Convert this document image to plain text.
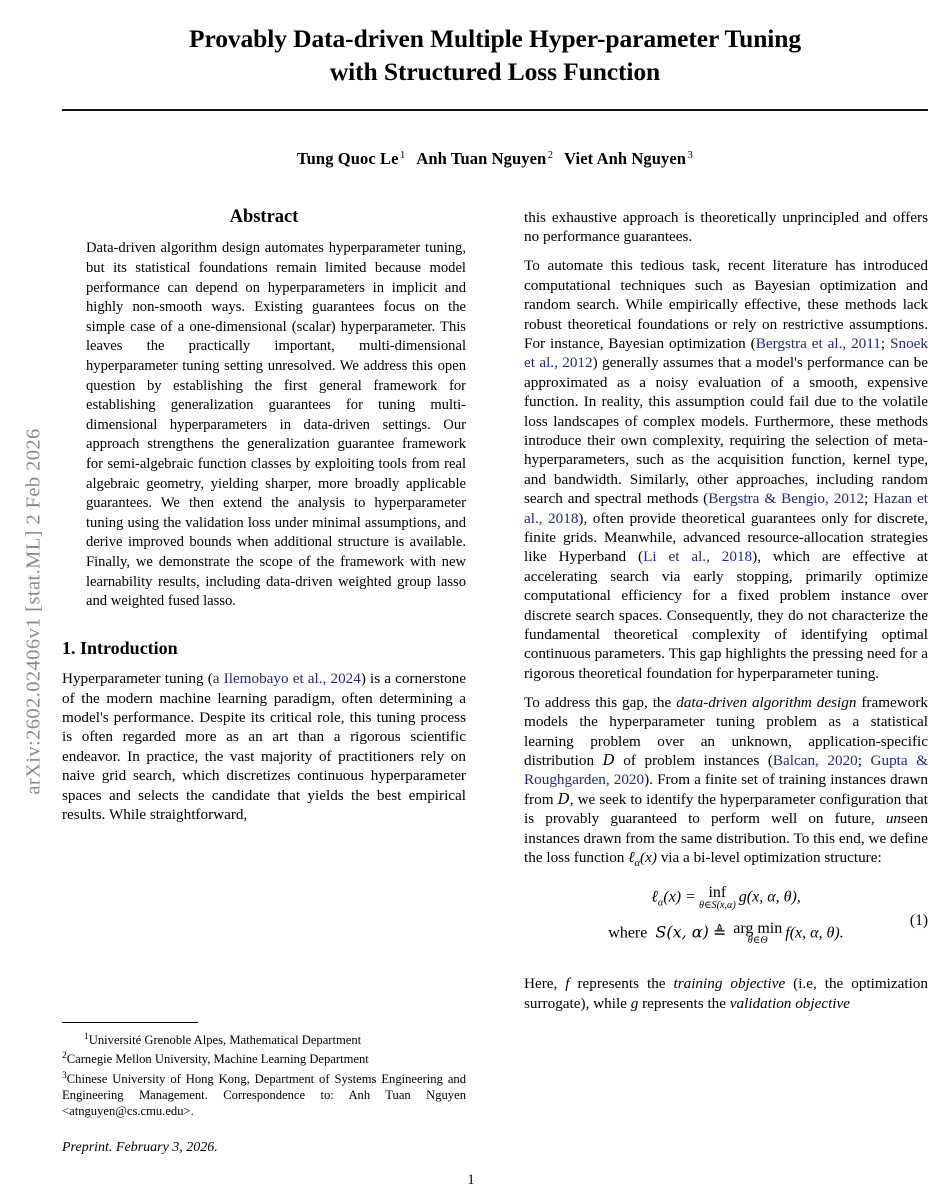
arXiv:2602.02406v1 [stat.ML] 2 Feb 2026
Provably Data-driven Multiple Hyper-parameter Tuning
with Structured Loss Function
Tung Quoc Le $^1$ Anh Tuan Nguyen $^2$ Viet Anh Nguyen $^3$
Abstract
Data-driven algorithm design automates hyperparameter tuning, but its statistical foundations remain limited because model performance can depend on hyperparameters in implicit and highly non-smooth ways. Existing guarantees focus on the simple case of a one-dimensional (scalar) hyperparameter. This leaves the practically important, multi-dimensional hyperparameter tuning setting unresolved. We address this open question by establishing the first general framework for establishing generalization guarantees for tuning multi-dimensional hyperparameters in data-driven settings. Our approach strengthens the generalization guarantee framework for semi-algebraic function classes by exploiting tools from real algebraic geometry, yielding sharper, more broadly applicable guarantees. We then extend the analysis to hyperparameter tuning using the validation loss under minimal assumptions, and derive improved bounds when additional structure is available. Finally, we demonstrate the scope of the framework with new learnability results, including data-driven weighted group lasso and weighted fused lasso.
1. Introduction

Hyperparameter tuning (a Ilemobayo et al., 2024) is a cornerstone of the modern machine learning paradigm, often determining a model's performance. Despite its critical role, this tuning process is often regarded more as an art than a rigorous scientific endeavor. In practice, the vast majority of practitioners rely on naive grid search, which discretizes continuous hyperparameter spaces and selects the candidate that yields the best empirical results. While straightforward,

this exhaustive approach is theoretically unprincipled and offers no performance guarantees.

To automate this tedious task, recent literature has introduced computational techniques such as Bayesian optimization and random search. While empirically effective, these methods lack robust theoretical foundations or rely on restrictive assumptions. For instance, Bayesian optimization (Bergstra et al., 2011; Snoek et al., 2012) generally assumes that a model's performance can be approximated as a noisy evaluation of a smooth, expensive function. In reality, this assumption could fail due to the volatile loss landscapes of complex models. Furthermore, these methods introduce their own complexity, requiring the selection of meta-hyperparameters, such as the acquisition function, kernel type, and bandwidth. Similarly, other approaches, including random search and spectral methods (Bergstra & Bengio, 2012; Hazan et al., 2018), often provide theoretical guarantees only for discrete, finite grids. Meanwhile, advanced resource-allocation strategies like Hyperband (Li et al., 2018), which are effective at accelerating search via early stopping, primarily optimize computational efficiency for a fixed problem instance over discrete search spaces. Consequently, they do not characterize the fundamental theoretical complexity of identifying optimal continuous parameters. This gap highlights the pressing need for a rigorous theoretical foundation for hyperparameter tuning.

To address this gap, the data-driven algorithm design framework models the hyperparameter tuning problem as a statistical learning problem over an unknown, application-specific distribution D of problem instances (Balcan, 2020; Gupta & Roughgarden, 2020). From a finite set of training instances drawn from D, we seek to identify the hyperparameter configuration that is provably guaranteed to perform well on future, unseen instances drawn from the same distribution. To this end, we define the loss function ℓ$_\alpha$(x) via a bi-level optimization structure:

ℓ$_\alpha$(x) = inf
θ∈S(x,α) g(x, α, θ),
where S(x, α) ≜ arg min
θ∈Θ	f(x, α, θ).
(1)

Here, f represents the training objective (i.e, the optimization surrogate), while g represents the validation objective

$^1$Université Grenoble Alpes, Mathematical Department

$^2$Carnegie Mellon University, Machine Learning Department

$^3$Chinese University of Hong Kong, Department of Systems Engineering and Engineering Management. Correspondence to: Anh Tuan Nguyen <atnguyen@cs.cmu.edu>.

Preprint. February 3, 2026.
1
